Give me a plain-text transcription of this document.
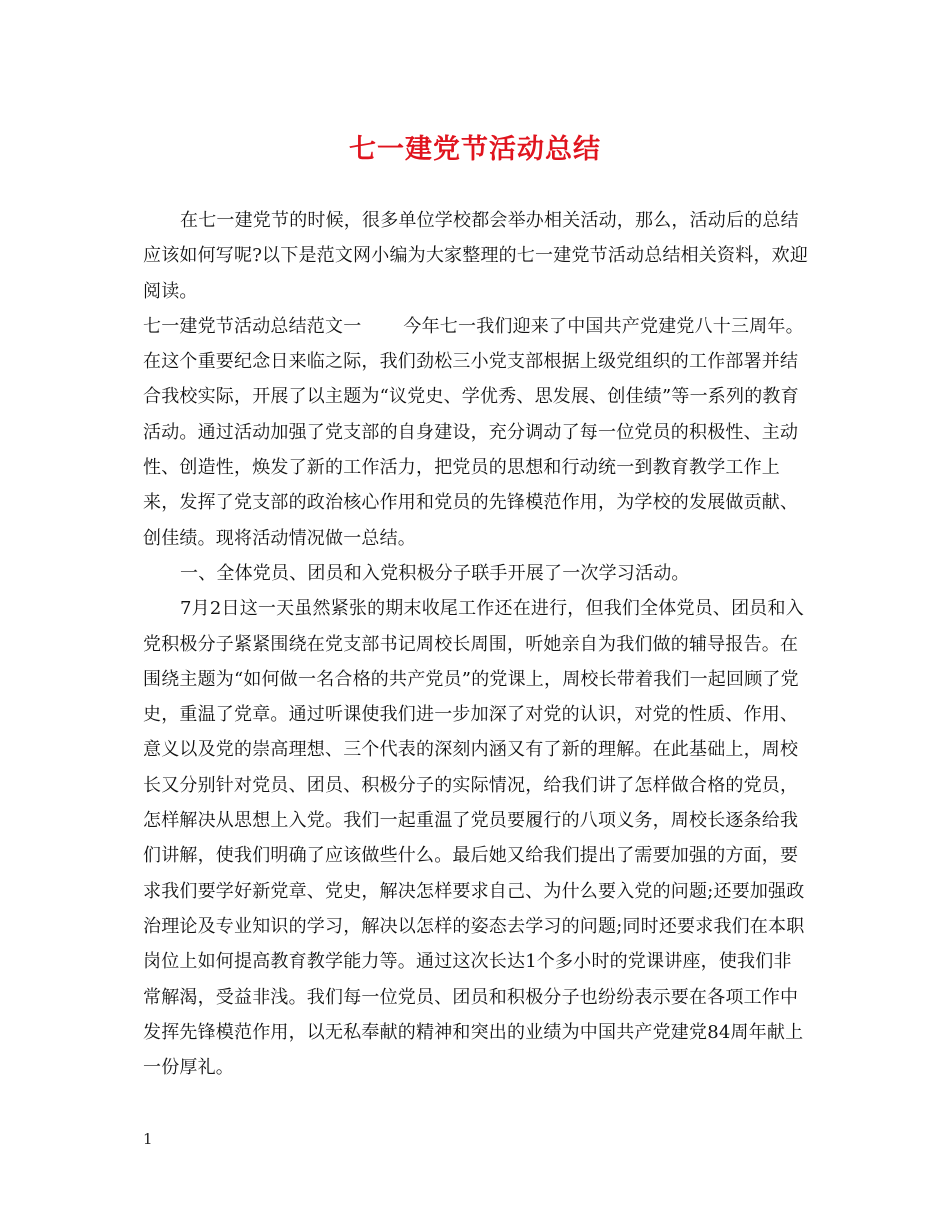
七一建党节活动总结

在七一建党节的时候，很多单位学校都会举办相关活动，那么，活动后的总结应该如何写呢?以下是范文网小编为大家整理的七一建党节活动总结相关资料，欢迎阅读。

七一建党节活动总结范文一 今年七一我们迎来了中国共产党建党八十三周年。在这个重要纪念日来临之际，我们劲松三小党支部根据上级党组织的工作部署并结合我校实际，开展了以主题为“议党史、学优秀、思发展、创佳绩”等一系列的教育活动。通过活动加强了党支部的自身建设，充分调动了每一位党员的积极性、主动性、创造性，焕发了新的工作活力，把党员的思想和行动统一到教育教学工作上来，发挥了党支部的政治核心作用和党员的先锋模范作用，为学校的发展做贡献、创佳绩。现将活动情况做一总结。

一、全体党员、团员和入党积极分子联手开展了一次学习活动。

7月2日这一天虽然紧张的期末收尾工作还在进行，但我们全体党员、团员和入党积极分子紧紧围绕在党支部书记周校长周围，听她亲自为我们做的辅导报告。在围绕主题为“如何做一名合格的共产党员”的党课上，周校长带着我们一起回顾了党史，重温了党章。通过听课使我们进一步加深了对党的认识，对党的性质、作用、意义以及党的崇高理想、三个代表的深刻内涵又有了新的理解。在此基础上，周校长又分别针对党员、团员、积极分子的实际情况，给我们讲了怎样做合格的党员，怎样解决从思想上入党。我们一起重温了党员要履行的八项义务，周校长逐条给我们讲解，使我们明确了应该做些什么。最后她又给我们提出了需要加强的方面，要求我们要学好新党章、党史，解决怎样要求自己、为什么要入党的问题;还要加强政治理论及专业知识的学习，解决以怎样的姿态去学习的问题;同时还要求我们在本职岗位上如何提高教育教学能力等。通过这次长达1个多小时的党课讲座，使我们非常解渴，受益非浅。我们每一位党员、团员和积极分子也纷纷表示要在各项工作中发挥先锋模范作用，以无私奉献的精神和突出的业绩为中国共产党建党84周年献上一份厚礼。

1
